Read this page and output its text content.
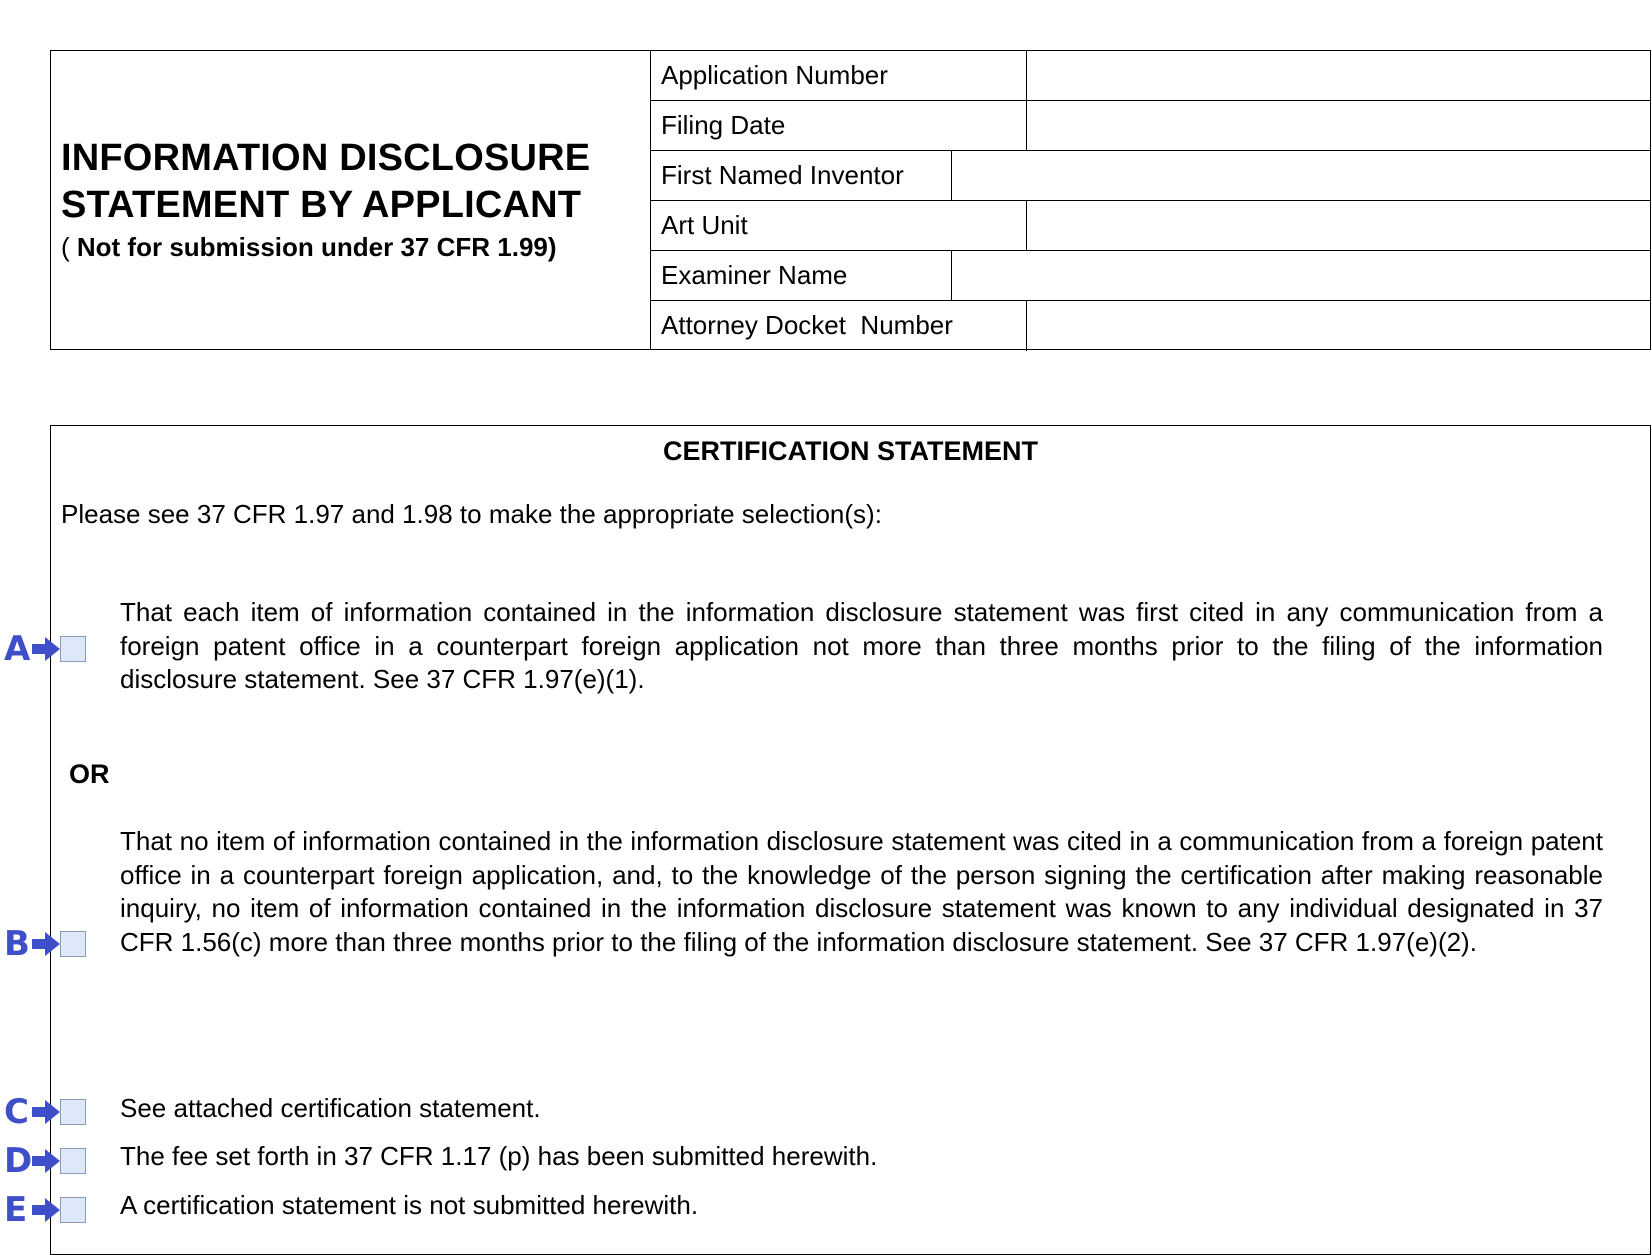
INFORMATION DISCLOSURE
STATEMENT BY APPLICANT
( Not for submission under 37 CFR 1.99)
Application Number
Filing Date
First Named Inventor
Art Unit
Examiner Name
Attorney Docket  Number
CERTIFICATION STATEMENT
Please see 37 CFR 1.97 and 1.98 to make the appropriate selection(s):
That each item of information contained in the information disclosure statement was first cited in any communication from a foreign patent office in a counterpart foreign application not more than three months prior to the filing of the information disclosure statement. See 37 CFR 1.97(e)(1).
OR
That no item of information contained in the information disclosure statement was cited in a communication from a foreign patent office in a counterpart foreign application, and, to the knowledge of the person signing the certification after making reasonable inquiry, no item of information contained in the information disclosure statement was known to any individual designated in 37 CFR 1.56(c) more than three months prior to the filing of the information disclosure statement. See 37 CFR 1.97(e)(2).
See attached certification statement.
The fee set forth in 37 CFR 1.17 (p) has been submitted herewith.
A certification statement is not submitted herewith.
A
B
C
D
E
